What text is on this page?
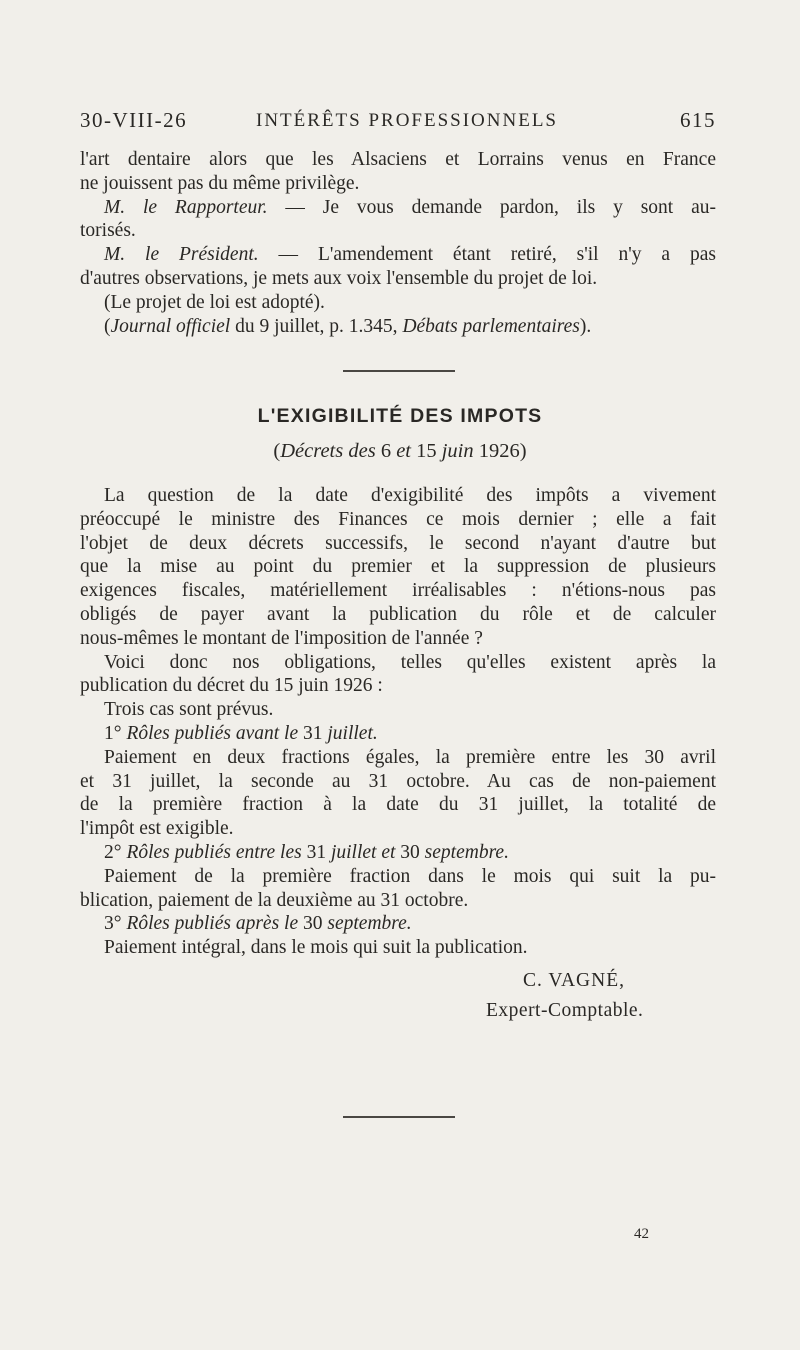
30-VIII-26	INTÉRÊTS PROFESSIONNELS	615
l'art dentaire alors que les Alsaciens et Lorrains venus en France
ne jouissent pas du même privilège.
M. le Rapporteur. — Je vous demande pardon, ils y sont au-
torisés.
M. le Président. — L'amendement étant retiré, s'il n'y a pas
d'autres observations, je mets aux voix l'ensemble du projet de loi.
(Le projet de loi est adopté).
(Journal officiel du 9 juillet, p. 1.345, Débats parlementaires).
L'EXIGIBILITÉ DES IMPOTS
(Décrets des 6 et 15 juin 1926)
La question de la date d'exigibilité des impôts a vivement
préoccupé le ministre des Finances ce mois dernier ; elle a fait
l'objet de deux décrets successifs, le second n'ayant d'autre but
que la mise au point du premier et la suppression de plusieurs
exigences fiscales, matériellement irréalisables : n'étions-nous pas
obligés de payer avant la publication du rôle et de calculer
nous-mêmes le montant de l'imposition de l'année ?
Voici donc nos obligations, telles qu'elles existent après la
publication du décret du 15 juin 1926 :
Trois cas sont prévus.
1° Rôles publiés avant le 31 juillet.
Paiement en deux fractions égales, la première entre les 30 avril
et 31 juillet, la seconde au 31 octobre. Au cas de non-paiement
de la première fraction à la date du 31 juillet, la totalité de
l'impôt est exigible.
2° Rôles publiés entre les 31 juillet et 30 septembre.
Paiement de la première fraction dans le mois qui suit la pu-
blication, paiement de la deuxième au 31 octobre.
3° Rôles publiés après le 30 septembre.
Paiement intégral, dans le mois qui suit la publication.
C. VAGNÉ,
Expert-Comptable.
42
